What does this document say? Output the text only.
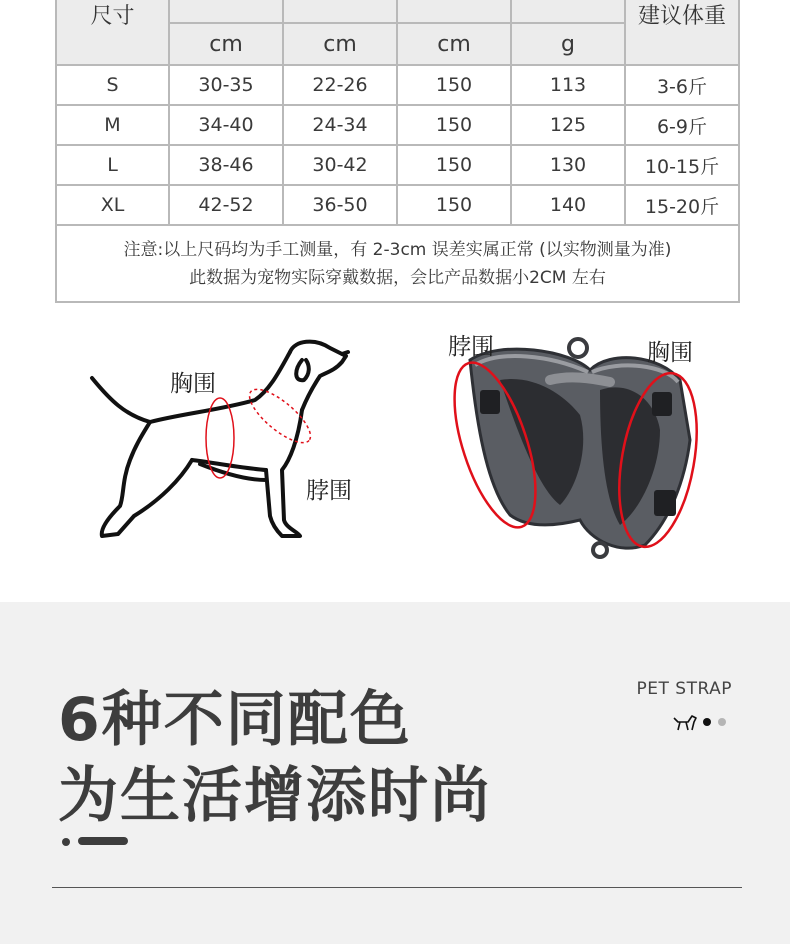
尺寸					建议体重

	cm	cm	cm	g	
S	30-35	22-26	150	113	3-6斤
M	34-40	24-34	150	125	6-9斤
L	38-46	30-42	150	130	10-15斤
XL	42-52	36-50	150	140	15-20斤

注意:以上尺码均为手工测量，有 2-3cm 误差实属正常 (以实物测量为准)
此数据为宠物实际穿戴数据，会比产品数据小2CM 左右					
胸围
脖围
脖围	胸围
6种不同配色
为生活增添时尚
PET STRAP
